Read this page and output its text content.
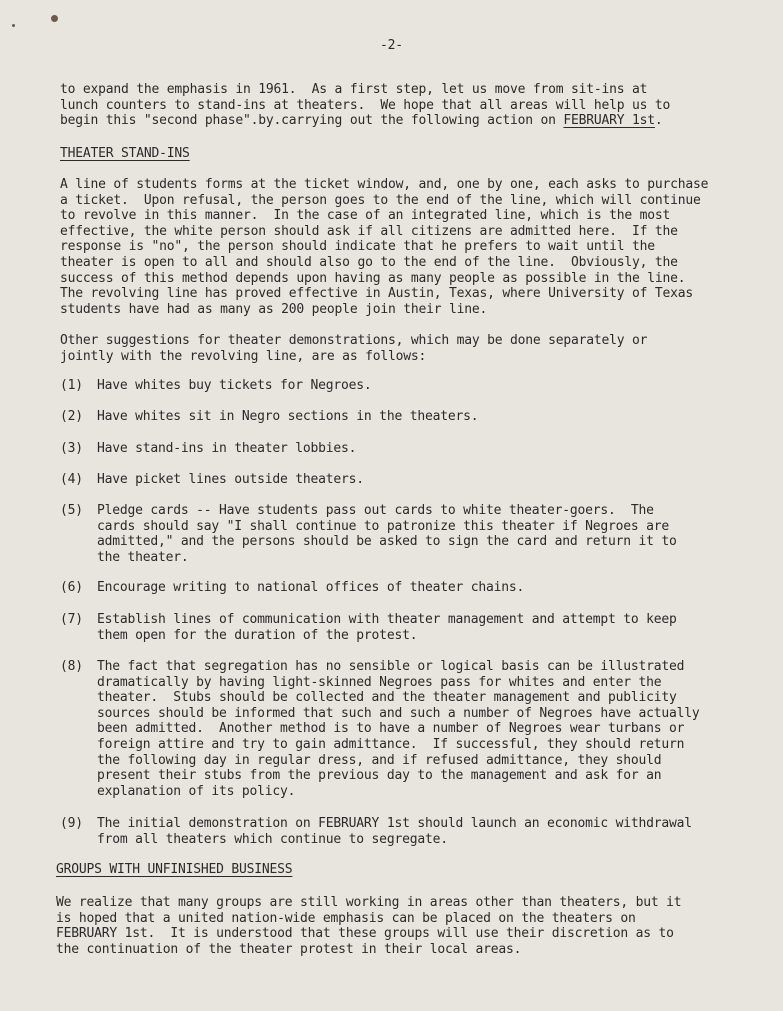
-2-
to expand the emphasis in 1961.  As a first step, let us move from sit-ins at
lunch counters to stand-ins at theaters.  We hope that all areas will help us to
begin this "second phase".by.carrying out the following action on FEBRUARY 1st.
THEATER STAND-INS
A line of students forms at the ticket window, and, one by one, each asks to purchase
a ticket.  Upon refusal, the person goes to the end of the line, which will continue
to revolve in this manner.  In the case of an integrated line, which is the most
effective, the white person should ask if all citizens are admitted here.  If the
response is "no", the person should indicate that he prefers to wait until the
theater is open to all and should also go to the end of the line.  Obviously, the
success of this method depends upon having as many people as possible in the line.
The revolving line has proved effective in Austin, Texas, where University of Texas
students have had as many as 200 people join their line.
Other suggestions for theater demonstrations, which may be done separately or
jointly with the revolving line, are as follows:
(1) Have whites buy tickets for Negroes.
(2) Have whites sit in Negro sections in the theaters.
(3) Have stand-ins in theater lobbies.
(4) Have picket lines outside theaters.
(5) Pledge cards -- Have students pass out cards to white theater-goers.  The
cards should say "I shall continue to patronize this theater if Negroes are
admitted," and the persons should be asked to sign the card and return it to
the theater.
(6) Encourage writing to national offices of theater chains.
(7) Establish lines of communication with theater management and attempt to keep
them open for the duration of the protest.
(8) The fact that segregation has no sensible or logical basis can be illustrated
dramatically by having light-skinned Negroes pass for whites and enter the
theater.  Stubs should be collected and the theater management and publicity
sources should be informed that such and such a number of Negroes have actually
been admitted.  Another method is to have a number of Negroes wear turbans or
foreign attire and try to gain admittance.  If successful, they should return
the following day in regular dress, and if refused admittance, they should
present their stubs from the previous day to the management and ask for an
explanation of its policy.
(9) The initial demonstration on FEBRUARY 1st should launch an economic withdrawal
from all theaters which continue to segregate.
GROUPS WITH UNFINISHED BUSINESS
We realize that many groups are still working in areas other than theaters, but it
is hoped that a united nation-wide emphasis can be placed on the theaters on
FEBRUARY 1st.  It is understood that these groups will use their discretion as to
the continuation of the theater protest in their local areas.
